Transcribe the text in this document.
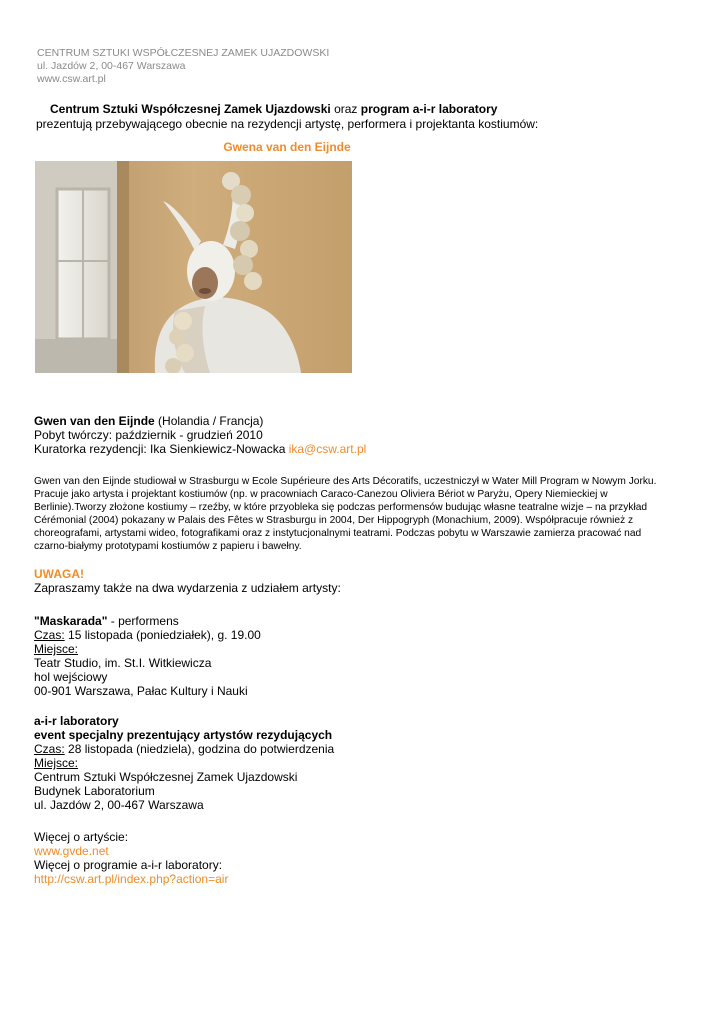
CENTRUM SZTUKI WSPÓŁCZESNEJ ZAMEK UJAZDOWSKI
ul. Jazdów 2, 00-467 Warszawa
www.csw.art.pl
Centrum Sztuki Współczesnej Zamek Ujazdowski oraz program a-i-r laboratory
prezentują przebywającego obecnie na rezydencji artystę, performera i projektanta kostiumów:
Gwena van den Eijnde
Gwen van den Eijnde (Holandia / Francja)
Pobyt twórczy: październik - grudzień 2010
Kuratorka rezydencji: Ika Sienkiewicz-Nowacka ika@csw.art.pl
Gwen van den Eijnde studiował w Strasburgu w Ecole Supérieure des Arts Décoratifs, uczestniczył w Water Mill Program w Nowym Jorku. Pracuje jako artysta i projektant kostiumów (np. w pracowniach Caraco-Canezou Oliviera Bériot w Paryżu, Opery Niemieckiej w Berlinie).Tworzy złożone kostiumy – rzeźby, w które przyobleka się podczas performensów budując własne teatralne wizje – na przykład Cérémonial (2004) pokazany w Palais des Fêtes w Strasburgu in 2004, Der Hippogryph (Monachium, 2009). Współpracuje również z choreografami, artystami wideo, fotografikami oraz z instytucjonalnymi teatrami. Podczas pobytu w Warszawie zamierza pracować nad czarno-białymy prototypami kostiumów z papieru i bawełny.
UWAGA!
Zapraszamy także na dwa wydarzenia z udziałem artysty:
"Maskarada" - performens
Czas: 15 listopada (poniedziałek), g. 19.00
Miejsce:
Teatr Studio, im. St.I. Witkiewicza
hol wejściowy
00-901 Warszawa, Pałac Kultury i Nauki
a-i-r laboratory
event specjalny prezentujący artystów rezydujących
Czas: 28 listopada (niedziela), godzina do potwierdzenia
Miejsce:
Centrum Sztuki Współczesnej Zamek Ujazdowski
Budynek Laboratorium
ul. Jazdów 2, 00-467 Warszawa
Więcej o artyście:
www.gvde.net
Więcej o programie a-i-r laboratory:
http://csw.art.pl/index.php?action=air
